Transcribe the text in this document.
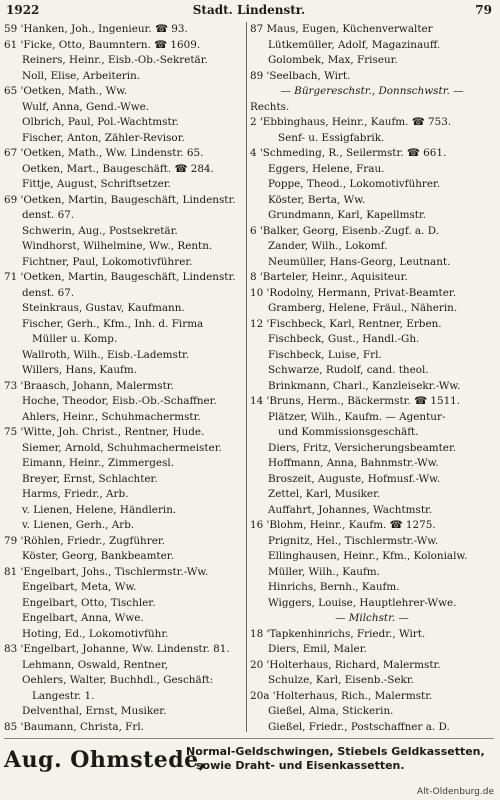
1922	Stadt. Lindenstr.	79
59 'Hanken, Joh., Ingenieur. ☎ 93.
61 'Ficke, Otto, Baumntern. ☎ 1609.
Reiners, Heinr., Eisb.-Ob.-Sekretär.
Noll, Elise, Arbeiterin.
65 'Oetken, Math., Ww.
Wulf, Anna, Gend.-Wwe.
Olbrich, Paul, Pol.-Wachtmstr.
Fischer, Anton, Zähler-Revisor.
67 'Oetken, Math., Ww. Lindenstr. 65.
Oetken, Mart., Baugeschäft. ☎ 284.
Fittje, August, Schriftsetzer.
69 'Oetken, Martin, Baugeschäft, Lindenstr.
denst. 67.
Schwerin, Aug., Postsekretär.
Windhorst, Wilhelmine, Ww., Rentn.
Fichtner, Paul, Lokomotivführer.
71 'Oetken, Martin, Baugeschäft, Lindenstr.
denst. 67.
Steinkraus, Gustav, Kaufmann.
Fischer, Gerh., Kfm., Inh. d. Firma
Müller u. Komp.
Wallroth, Wilh., Eisb.-Lademstr.
Willers, Hans, Kaufm.
73 'Braasch, Johann, Malermstr.
Hoche, Theodor, Eisb.-Ob.-Schaffner.
Ahlers, Heinr., Schuhmachermstr.
75 'Witte, Joh. Christ., Rentner, Hude.
Siemer, Arnold, Schuhmachermeister.
Eimann, Heinr., Zimmergesl.
Breyer, Ernst, Schlachter.
Harms, Friedr., Arb.
v. Lienen, Helene, Händlerin.
v. Lienen, Gerh., Arb.
79 'Röhlen, Friedr., Zugführer.
Köster, Georg, Bankbeamter.
81 'Engelbart, Johs., Tischlermstr.-Ww.
Engelbart, Meta, Ww.
Engelbart, Otto, Tischler.
Engelbart, Anna, Wwe.
Hoting, Ed., Lokomotivführ.
83 'Engelbart, Johanne, Ww. Lindenstr. 81.
Lehmann, Oswald, Rentner,
Oehlers, Walter, Buchhdl., Geschäft:
Langestr. 1.
Delventhal, Ernst, Musiker.
85 'Baumann, Christa, Frl.
87 Maus, Eugen, Küchenverwalter
Lütkemüller, Adolf, Magazinauff.
Golombek, Max, Friseur.
89 'Seelbach, Wirt.
— Bürgereschstr., Donnschwstr. —
Rechts.
2 'Ebbinghaus, Heinr., Kaufm. ☎ 753.
Senf- u. Essigfabrik.
4 'Schmeding, R., Seilermstr. ☎ 661.
Eggers, Helene, Frau.
Poppe, Theod., Lokomotivführer.
Köster, Berta, Ww.
Grundmann, Karl, Kapellmstr.
6 'Balker, Georg, Eisenb.-Zugf. a. D.
Zander, Wilh., Lokomf.
Neumüller, Hans-Georg, Leutnant.
8 'Barteler, Heinr., Aquisiteur.
10 'Rodolny, Hermann, Privat-Beamter.
Gramberg, Helene, Fräul., Näherin.
12 'Fischbeck, Karl, Rentner, Erben.
Fischbeck, Gust., Handl.-Gh.
Fischbeck, Luise, Frl.
Schwarze, Rudolf, cand. theol.
Brinkmann, Charl., Kanzleisekr.-Ww.
14 'Bruns, Herm., Bäckermstr. ☎ 1511.
Plätzer, Wilh., Kaufm. — Agentur-
und Kommissionsgeschäft.
Diers, Fritz, Versicherungsbeamter.
Hoffmann, Anna, Bahnmstr.-Ww.
Broszeit, Auguste, Hofmusf.-Ww.
Zettel, Karl, Musiker.
Auffahrt, Johannes, Wachtmstr.
16 'Blohm, Heinr., Kaufm. ☎ 1275.
Prignitz, Hel., Tischlermstr.-Ww.
Ellinghausen, Heinr., Kfm., Kolonialw.
Müller, Wilh., Kaufm.
Hinrichs, Bernh., Kaufm.
Wiggers, Louise, Hauptlehrer-Wwe.
— Milchstr. —
18 'Tapkenhinrichs, Friedr., Wirt.
Diers, Emil, Maler.
20 'Holterhaus, Richard, Malermstr.
Schulze, Karl, Eisenb.-Sekr.
20a 'Holterhaus, Rich., Malermstr.
Gießel, Alma, Stickerin.
Gießel, Friedr., Postschaffner a. D.
Aug. Ohmstede,
Normal-Geldschwingen, Stiebels Geldkassetten,
sowie Draht- und Eisenkassetten.
Alt-Oldenburg.de
